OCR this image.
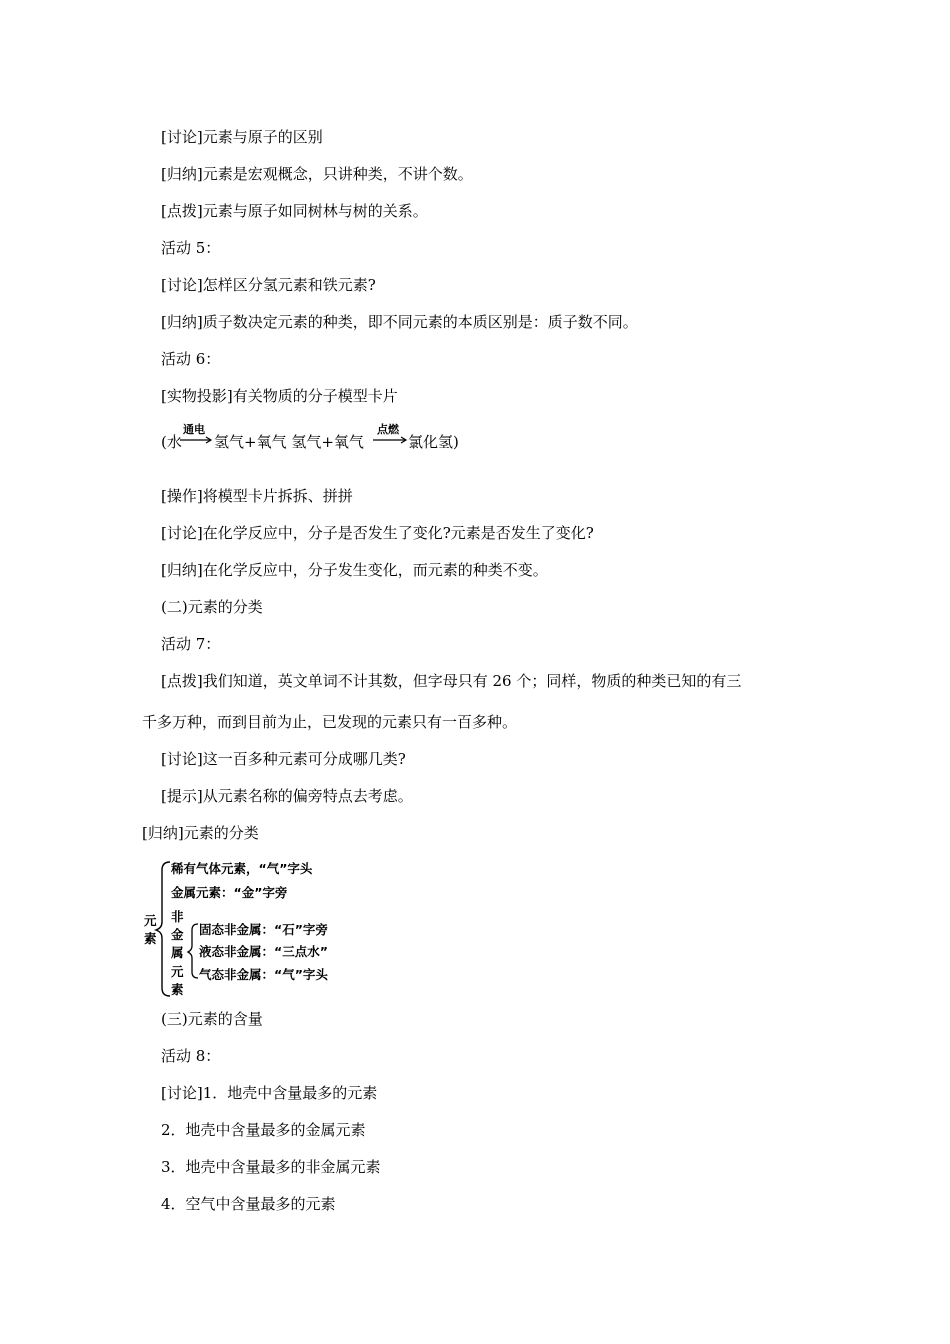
[讨论]元素与原子的区别
[归纳]元素是宏观概念，只讲种类，不讲个数。
[点拨]元素与原子如同树林与树的关系。
活动 5：
[讨论]怎样区分氢元素和铁元素?
[归纳]质子数决定元素的种类，即不同元素的本质区别是：质子数不同。
活动 6：
[实物投影]有关物质的分子模型卡片
(水
通电
→ 氢气+氧气 氢气+氧气
点燃
→ 氯化氢)
[操作]将模型卡片拆拆、拼拼
[讨论]在化学反应中，分子是否发生了变化?元素是否发生了变化?
[归纳]在化学反应中，分子发生变化，而元素的种类不变。
(二)元素的分类
活动 7：
[点拨]我们知道，英文单词不计其数，但字母只有 26 个；同样，物质的种类已知的有三
千多万种，而到目前为止，已发现的元素只有一百多种。
[讨论]这一百多种元素可分成哪几类?
[提示]从元素名称的偏旁特点去考虑。
[归纳]元素的分类
元
素
稀有气体元素，“气”字头
金属元素：“金”字旁
非
金
属
元
素
固态非金属：“石”字旁
液态非金属：“三点水”
气态非金属：“气”字头
(三)元素的含量
活动 8：
[讨论]1．地壳中含量最多的元素
2．地壳中含量最多的金属元素
3．地壳中含量最多的非金属元素
4．空气中含量最多的元素
